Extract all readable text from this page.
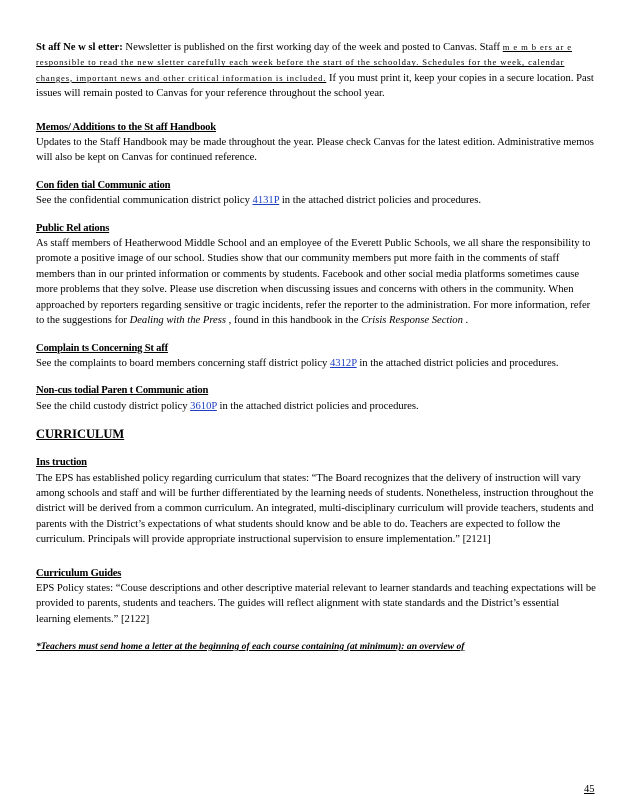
St aff Ne w sl etter: Newsletter is published on the first working day of the week and posted to Canvas. Staff m e m b ers ar e responsible to read the new sletter carefully each week before the start of the schoolday. Schedules for the week, calendar changes, important news and other critical information is included. If you must print it, keep your copies in a secure location. Past issues will remain posted to Canvas for your reference throughout the school year.

Memos/ Additions to the St aff Handbook

Updates to the Staff Handbook may be made throughout the year. Please check Canvas for the latest edition. Administrative memos will also be kept on Canvas for continued reference.

Con fiden tial Communic ation

See the confidential communication district policy 4131P in the attached district policies and procedures.

Public Rel ations

As staff members of Heatherwood Middle School and an employee of the Everett Public Schools, we all share the responsibility to promote a positive image of our school. Studies show that our community members put more faith in the comments of staff members than in our printed information or comments by students. Facebook and other social media platforms sometimes cause more problems that they solve. Please use discretion when discussing issues and concerns with others in the community. When approached by reporters regarding sensitive or tragic incidents, refer the reporter to the administration. For more information, refer to the suggestions for Dealing with the Press , found in this handbook in the Crisis Response Section .

Complain ts Concerning St aff

See the complaints to board members concerning staff district policy 4312P in the attached district policies and procedures.

Non-cus todial Paren t Communic ation

See the child custody district policy 3610P in the attached district policies and procedures.

CURRICULUM
Ins truction

The EPS has established policy regarding curriculum that states: “The Board recognizes that the delivery of instruction will vary among schools and staff and will be further differentiated by the learning needs of students. Nonetheless, instruction throughout the district will be derived from a common curriculum. An integrated, multi-disciplinary curriculum will provide teachers, students and parents with the District’s expectations of what students should know and be able to do. Teachers are expected to follow the curriculum. Principals will provide appropriate instructional supervision to ensure implementation.” [2121]

Curriculum Guides

EPS Policy states: “Couse descriptions and other descriptive material relevant to learner standards and teaching expectations will be provided to parents, students and teachers. The guides will reflect alignment with state standards and the District’s essential learning elements.” [2122]

*Teachers must send home a letter at the beginning of each course containing (at minimum): an overview of

45
